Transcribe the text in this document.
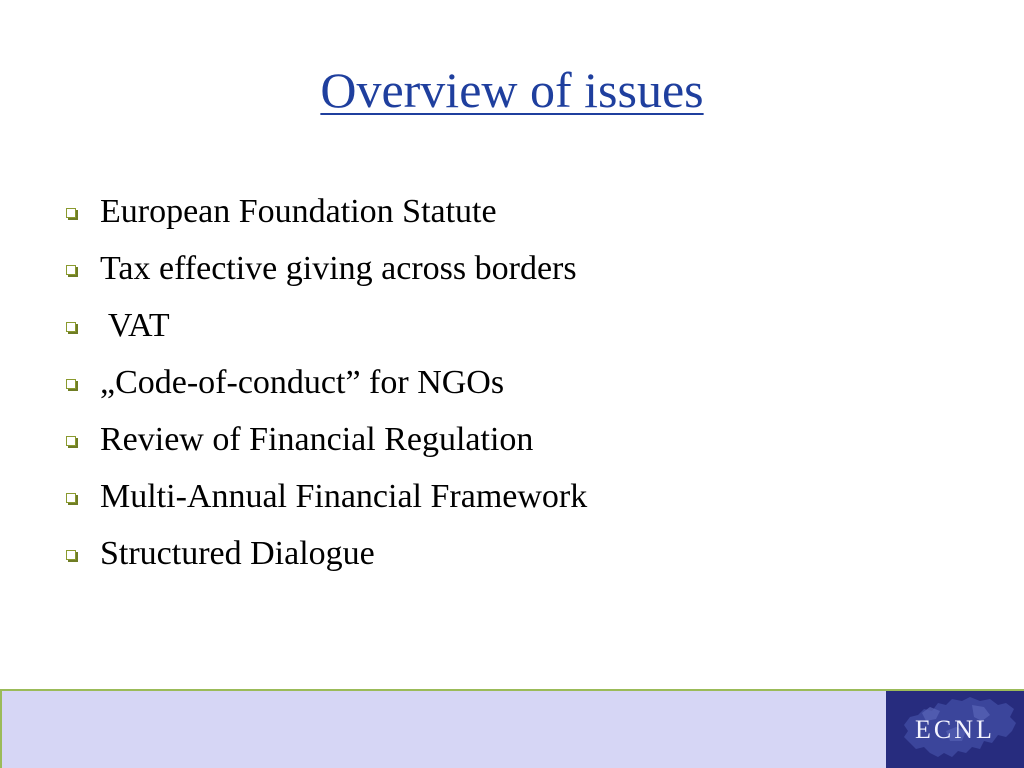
Overview of issues
European Foundation Statute
Tax effective giving across borders
VAT
„Code-of-conduct” for NGOs
Review of Financial Regulation
Multi-Annual Financial Framework
Structured Dialogue
ECNL
